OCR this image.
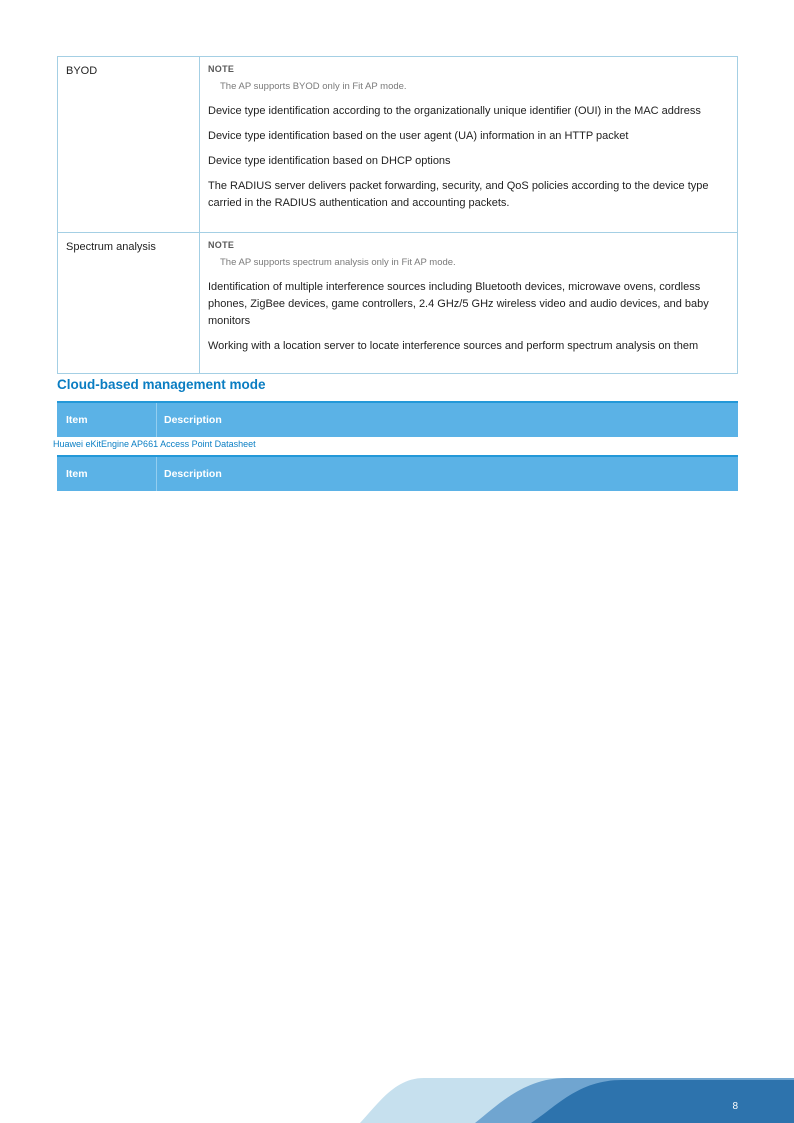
BYOD	NOTE
The AP supports BYOD only in Fit AP mode.

Device type identification according to the organizationally unique identifier (OUI) in the MAC address

Device type identification based on the user agent (UA) information in an HTTP packet

Device type identification based on DHCP options

The RADIUS server delivers packet forwarding, security, and QoS policies according to the device type carried in the RADIUS authentication and accounting packets.

Spectrum analysis	NOTE
The AP supports spectrum analysis only in Fit AP mode.

Identification of multiple interference sources including Bluetooth devices, microwave ovens, cordless phones, ZigBee devices, game controllers, 2.4 GHz/5 GHz wireless video and audio devices, and baby monitors

Working with a location server to locate interference sources and perform spectrum analysis on them

Cloud-based management mode
Item	Description
Huawei eKitEngine AP661 Access Point Datasheet
Item	Description
8
